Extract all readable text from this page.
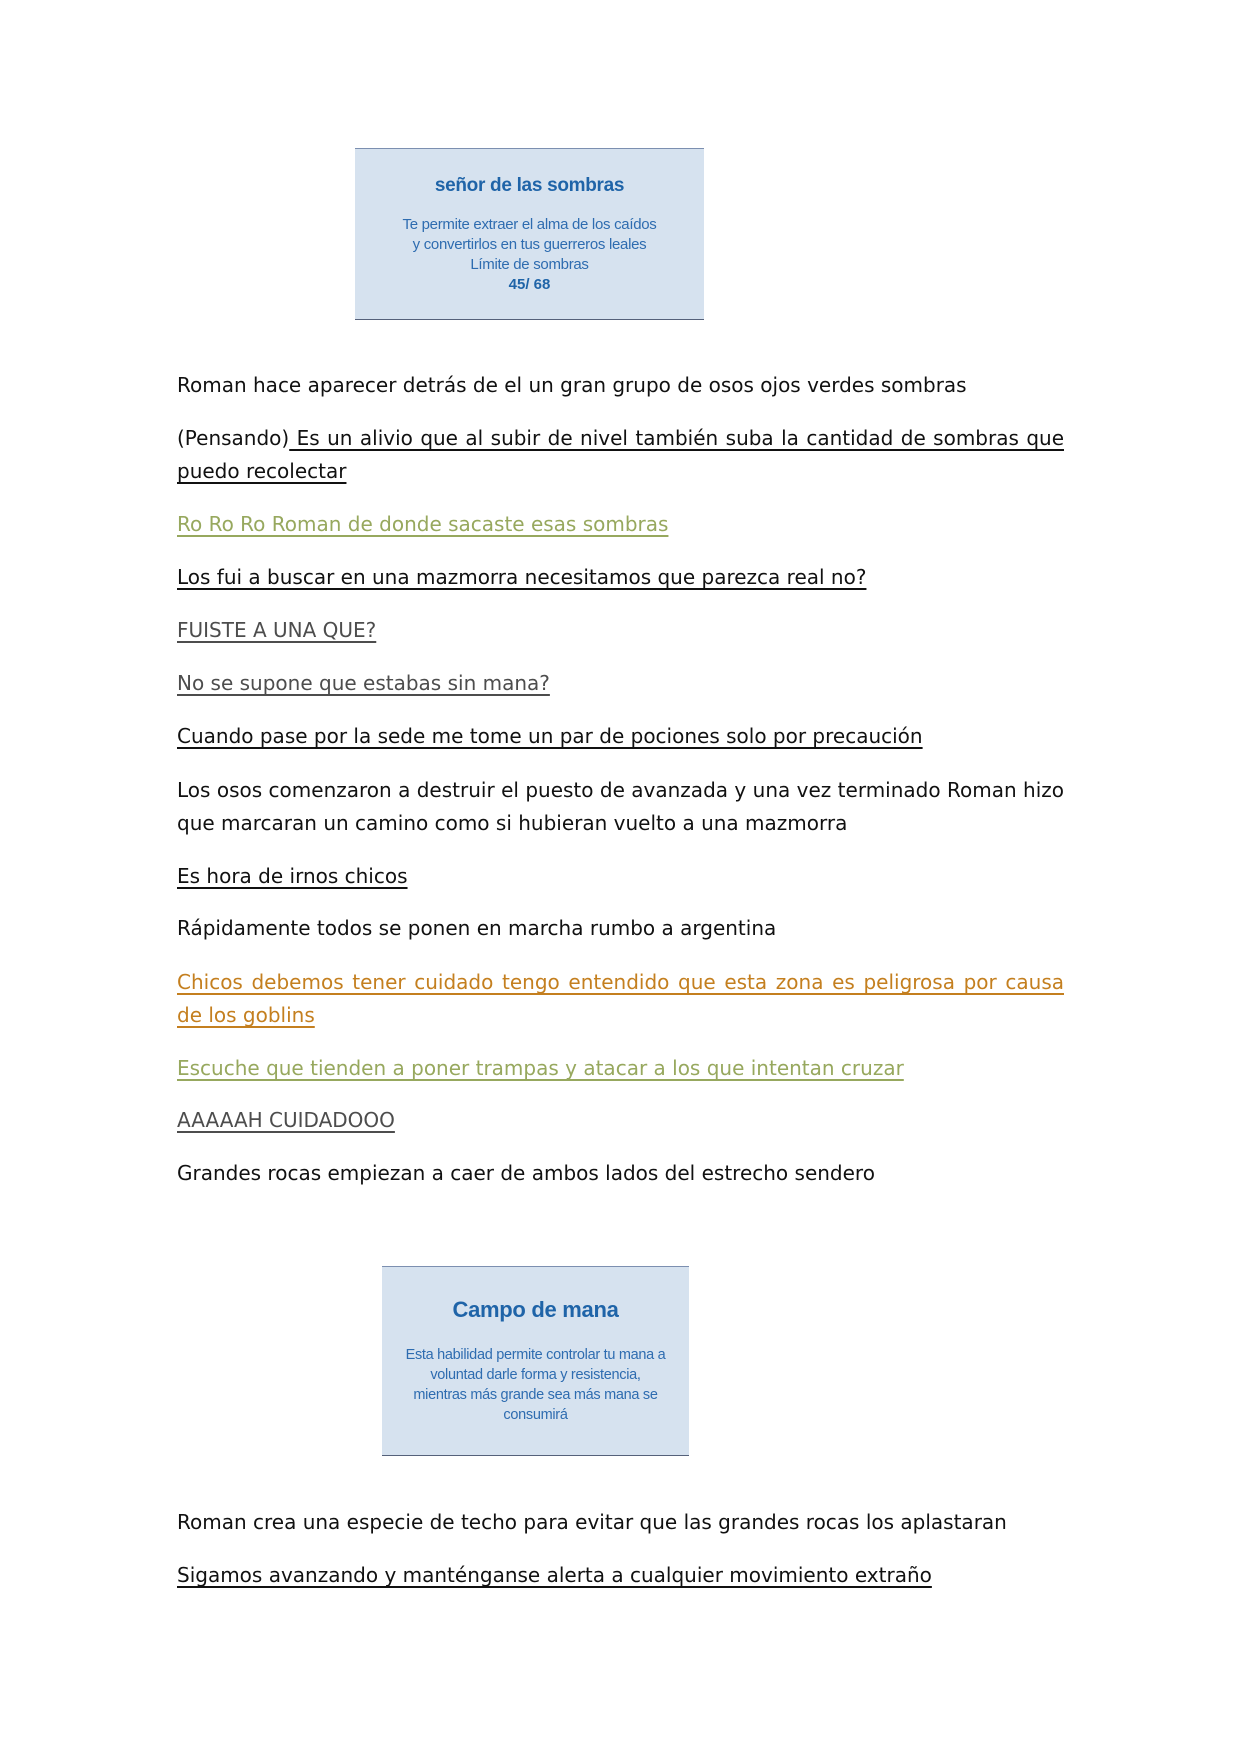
señor de las sombras
Te permite extraer el alma de los caídos
y convertirlos en tus guerreros leales
Límite de sombras
45/ 68
Roman hace aparecer detrás de el un gran grupo de osos ojos verdes sombras
(Pensando) Es un alivio que al subir de nivel también suba la cantidad de sombras que puedo recolectar
Ro Ro Ro Roman de donde sacaste esas sombras
Los fui a buscar en una mazmorra necesitamos que parezca real no?
FUISTE A UNA QUE?
No se supone que estabas sin mana?
Cuando pase por la sede me tome un par de pociones solo por precaución
Los osos comenzaron a destruir el puesto de avanzada y una vez terminado Roman hizo que marcaran un camino como si hubieran vuelto a una mazmorra
Es hora de irnos chicos
Rápidamente todos se ponen en marcha rumbo a argentina
Chicos debemos tener cuidado tengo entendido que esta zona es peligrosa por causa de los goblins
Escuche que tienden a poner trampas y atacar a los que intentan cruzar
AAAAAH CUIDADOOO
Grandes rocas empiezan a caer de ambos lados del estrecho sendero
Campo de mana
Esta habilidad permite controlar tu mana a
voluntad darle forma y resistencia,
mientras más grande sea más mana se
consumirá
Roman crea una especie de techo para evitar que las grandes rocas los aplastaran
Sigamos avanzando y manténganse alerta a cualquier movimiento extraño
